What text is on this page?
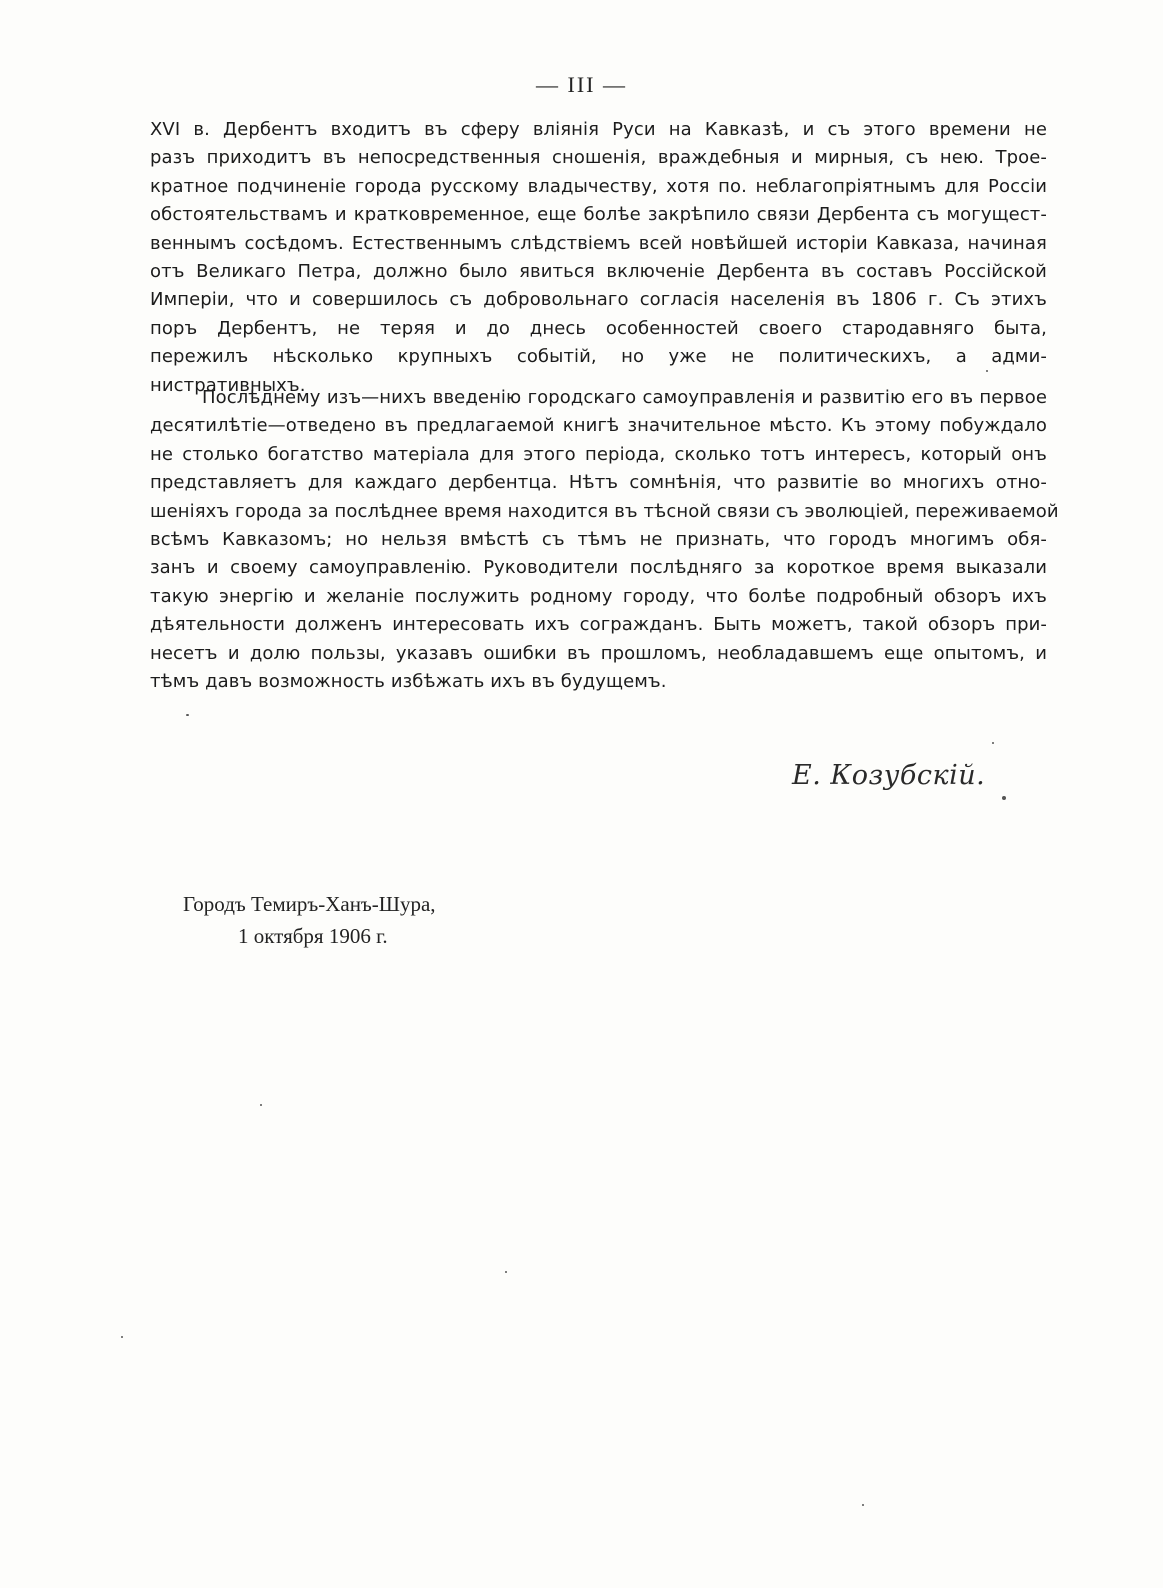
— III —
XVI в. Дербентъ входитъ въ сферу вліянія Руси на Кавказѣ, и съ этого времени не
разъ приходитъ въ непосредственныя сношенія, враждебныя и мирныя, съ нею. Трое-
кратное подчиненіе города русскому владычеству, хотя по. неблагопріятнымъ для Россіи
обстоятельствамъ и кратковременное, еще болѣе закрѣпило связи Дербента съ могущест-
веннымъ сосѣдомъ. Естественнымъ слѣдствіемъ всей новѣйшей исторіи Кавказа, начиная
отъ Великаго Петра, должно было явиться включеніе Дербента въ составъ Россійской
Имперіи, что и совершилось съ добровольнаго согласія населенія въ 1806 г. Съ этихъ
поръ Дербентъ, не теряя и до днесь особенностей своего стародавняго быта,
пережилъ нѣсколько крупныхъ событій, но уже не политическихъ, а адми-
нистративныхъ.
Послѣднему изъ—нихъ введенію городскаго самоуправленія и развитію его въ первое
десятилѣтіе—отведено въ предлагаемой книгѣ значительное мѣсто. Къ этому побуждало
не столько богатство матеріала для этого періода, сколько тотъ интересъ, который онъ
представляетъ для каждаго дербентца. Нѣтъ сомнѣнія, что развитіе во многихъ отно-
шеніяхъ города за послѣднее время находится въ тѣсной связи съ эволюціей, переживаемой
всѣмъ Кавказомъ; но нельзя вмѣстѣ съ тѣмъ не признать, что городъ многимъ обя-
занъ и своему самоуправленію. Руководители послѣдняго за короткое время выказали
такую энергію и желаніе послужить родному городу, что болѣе подробный обзоръ ихъ
дѣятельности долженъ интересовать ихъ согражданъ. Быть можетъ, такой обзоръ при-
несетъ и долю пользы, указавъ ошибки въ прошломъ, необладавшемъ еще опытомъ, и
тѣмъ давъ возможность избѣжать ихъ въ будущемъ.
Е. Козубскій.
Городъ Темиръ-Ханъ-Шура,
1 октября 1906 г.
